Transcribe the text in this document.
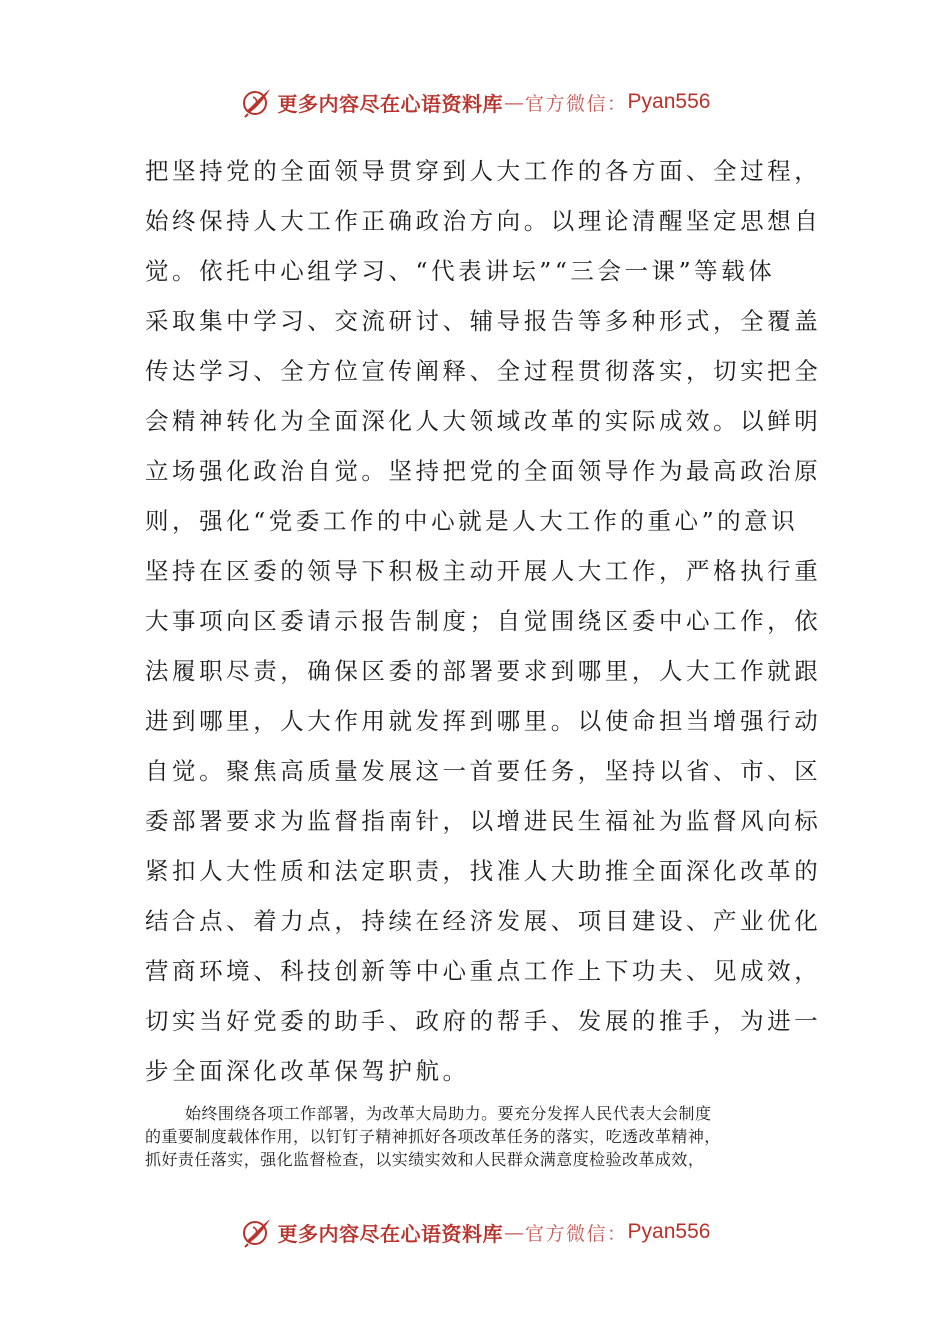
更多内容尽在心语资料库 — 官方微信： Pyan556
把坚持党的全面领导贯穿到人大工作的各方面、全过程，
始终保持人大工作正确政治方向。以理论清醒坚定思想自
觉。依托中心组学习、“代表讲坛”“三会一课”等载体
采取集中学习、交流研讨、辅导报告等多种形式，全覆盖
传达学习、全方位宣传阐释、全过程贯彻落实，切实把全
会精神转化为全面深化人大领域改革的实际成效。以鲜明
立场强化政治自觉。坚持把党的全面领导作为最高政治原
则，强化“党委工作的中心就是人大工作的重心”的意识
坚持在区委的领导下积极主动开展人大工作，严格执行重
大事项向区委请示报告制度；自觉围绕区委中心工作，依
法履职尽责，确保区委的部署要求到哪里，人大工作就跟
进到哪里，人大作用就发挥到哪里。以使命担当增强行动
自觉。聚焦高质量发展这一首要任务，坚持以省、市、区
委部署要求为监督指南针，以增进民生福祉为监督风向标
紧扣人大性质和法定职责，找准人大助推全面深化改革的
结合点、着力点，持续在经济发展、项目建设、产业优化
营商环境、科技创新等中心重点工作上下功夫、见成效，
切实当好党委的助手、政府的帮手、发展的推手，为进一
步全面深化改革保驾护航。
始终围绕各项工作部署，为改革大局助力。要充分发挥人民代表大会制度
的重要制度载体作用，以钉钉子精神抓好各项改革任务的落实，吃透改革精神，
抓好责任落实，强化监督检查，以实绩实效和人民群众满意度检验改革成效，
更多内容尽在心语资料库 — 官方微信： Pyan556
